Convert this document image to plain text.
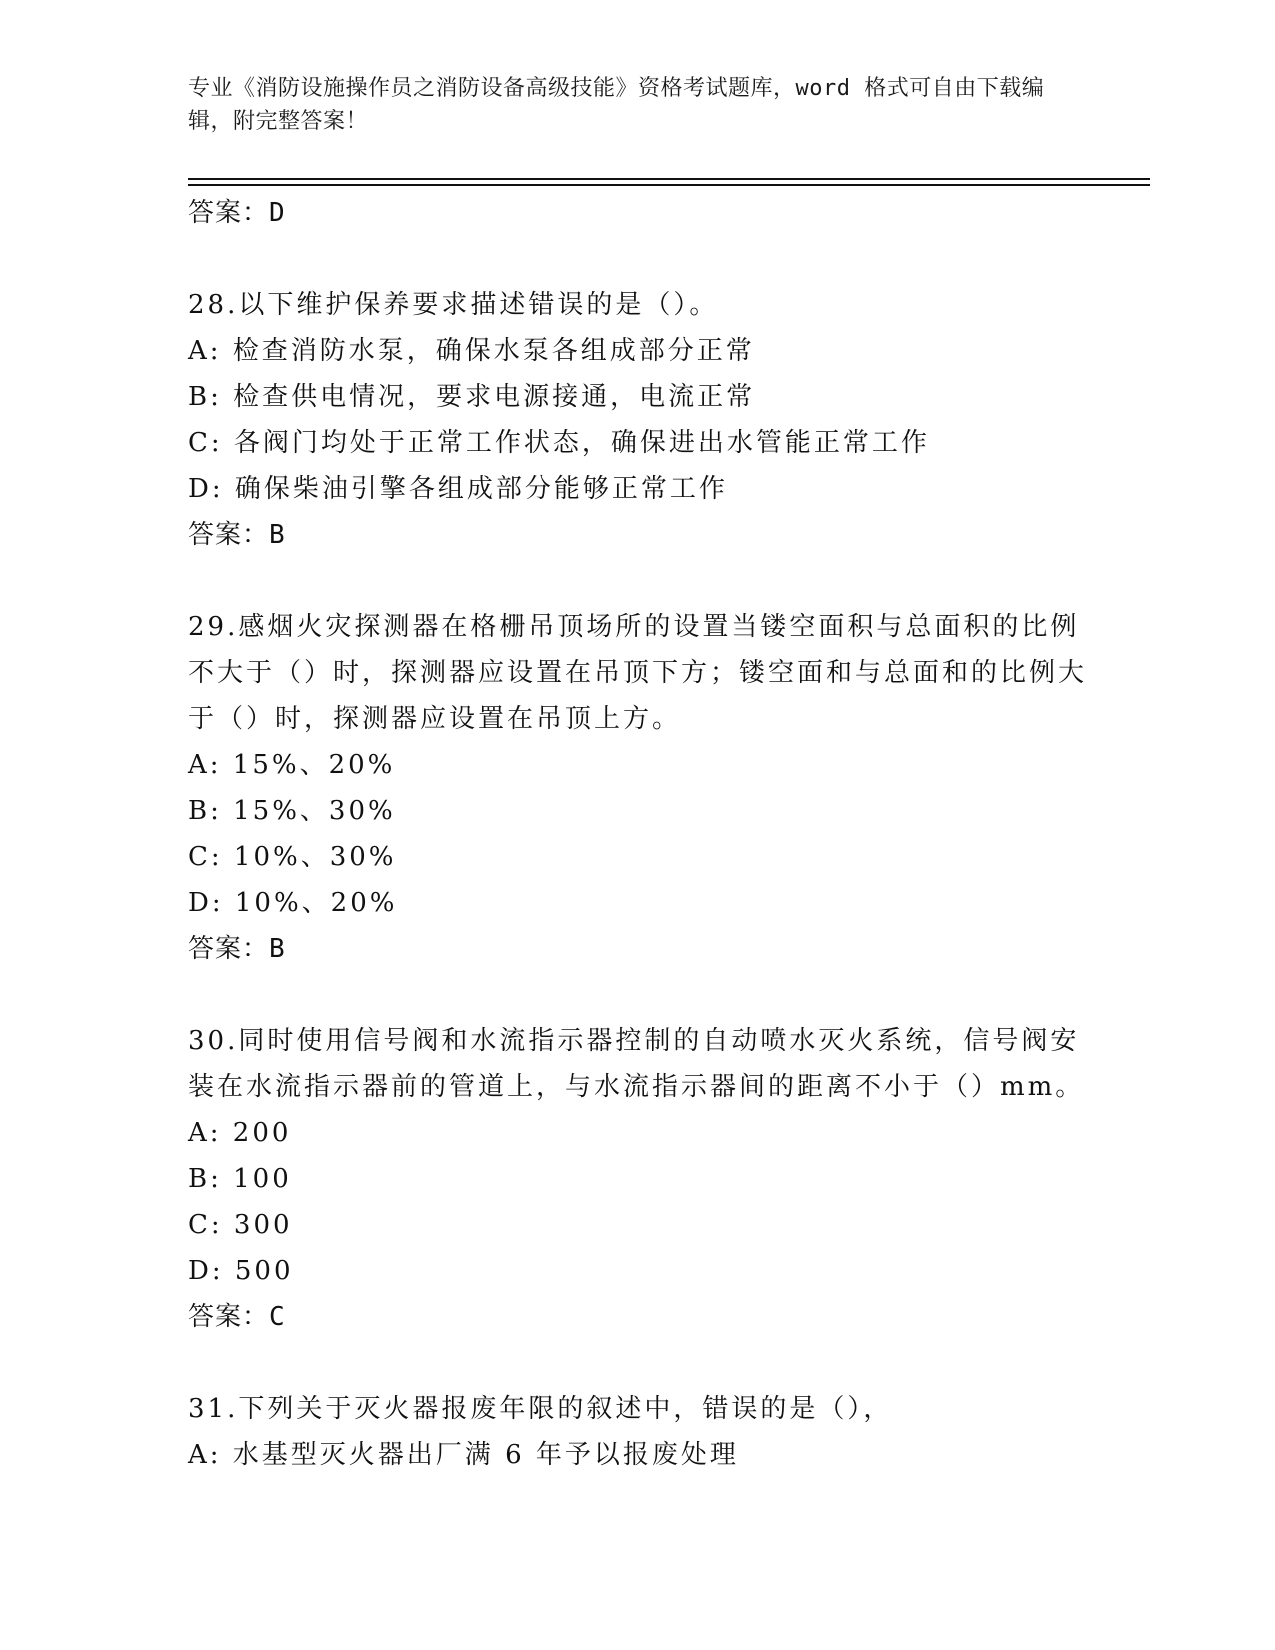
专业《消防设施操作员之消防设备高级技能》资格考试题库，word 格式可自由下载编辑，附完整答案！
答案：D
28.以下维护保养要求描述错误的是（）。
A: 检查消防水泵，确保水泵各组成部分正常
B: 检查供电情况，要求电源接通，电流正常
C: 各阀门均处于正常工作状态，确保进出水管能正常工作
D: 确保柴油引擎各组成部分能够正常工作
答案：B
29.感烟火灾探测器在格栅吊顶场所的设置当镂空面积与总面积的比例不大于（）时，探测器应设置在吊顶下方；镂空面和与总面和的比例大于（）时，探测器应设置在吊顶上方。
A: 15%、20%
B: 15%、30%
C: 10%、30%
D: 10%、20%
答案：B
30.同时使用信号阀和水流指示器控制的自动喷水灭火系统，信号阀安装在水流指示器前的管道上，与水流指示器间的距离不小于（）mm。
A: 200
B: 100
C: 300
D: 500
答案：C
31.下列关于灭火器报废年限的叙述中，错误的是（），
A: 水基型灭火器出厂满 6 年予以报废处理
